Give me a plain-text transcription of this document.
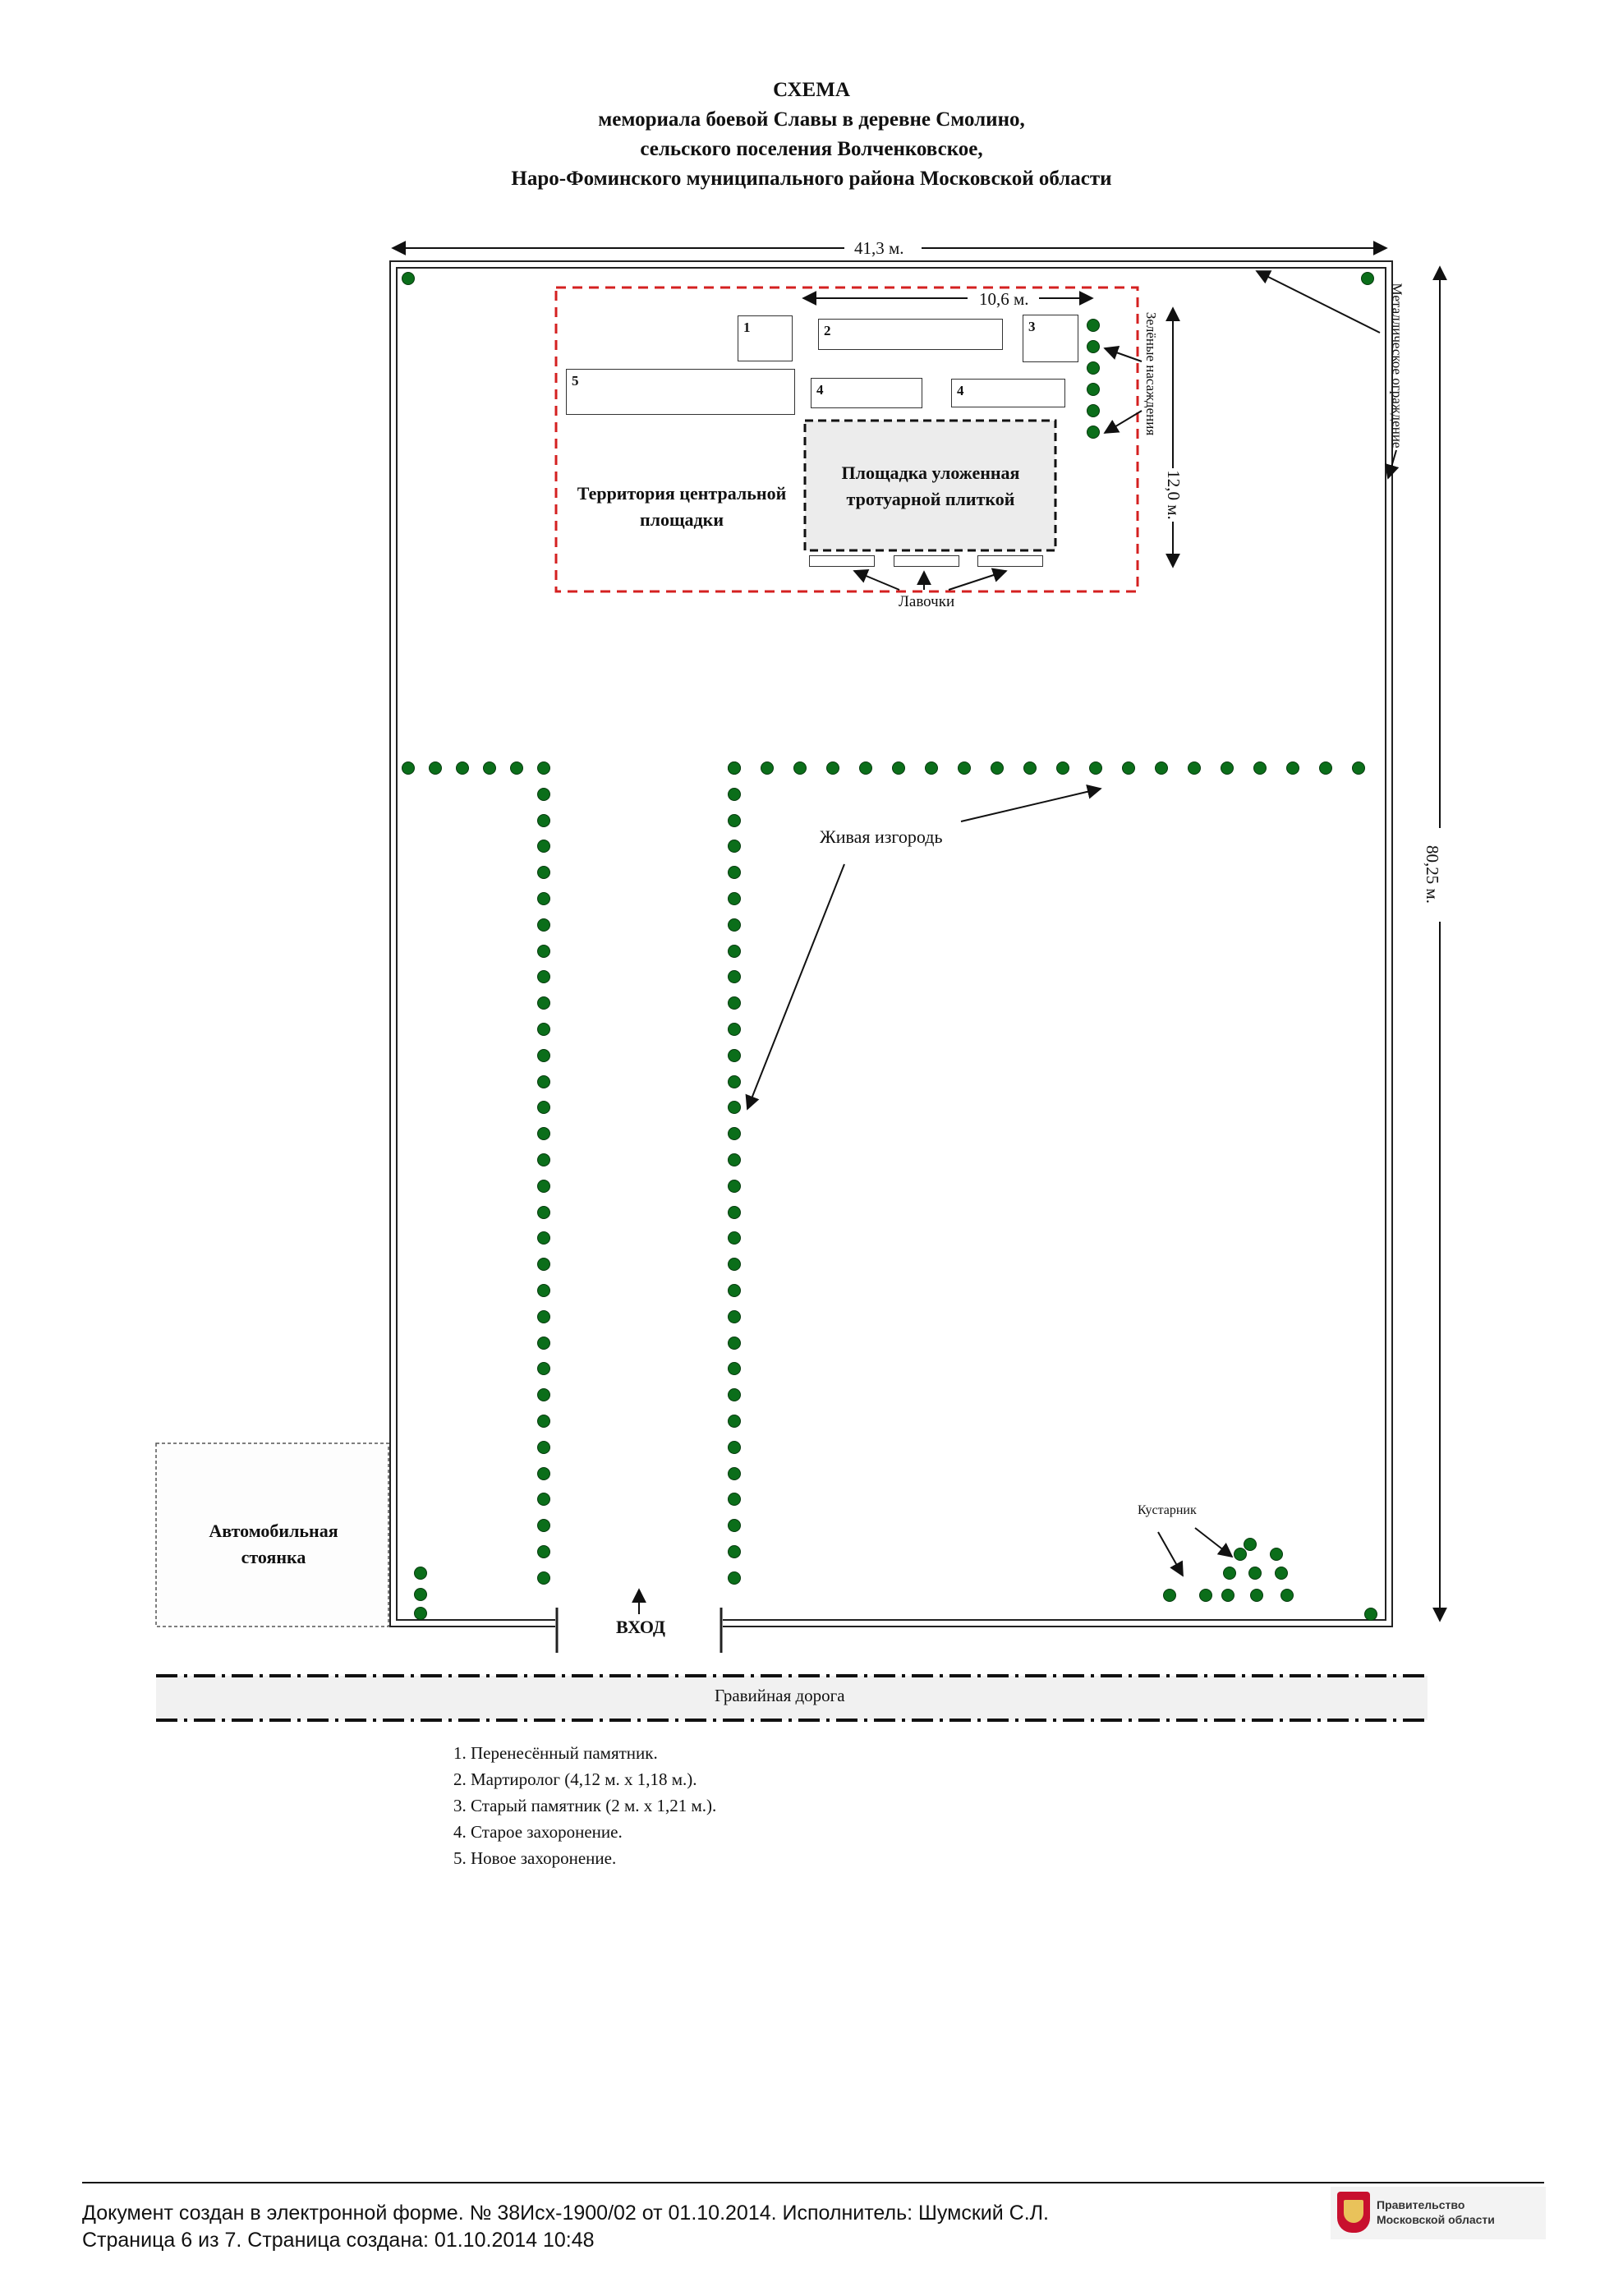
СХЕМА
мемориала боевой Славы в деревне Смолино,
сельского поселения Волченковское,
Наро-Фоминского муниципального района Московской области
41,3 м.
80,25 м.
10,6 м.
12,0 м.
Металлическое ограждение
Зелёные насаждения
1	2	3
4	4
5
Территория центральной площадки
Площадка уложенная тротуарной плиткой
Лавочки
Живая изгородь
Кустарник
Автомобильная стоянка
ВХОД
Гравийная дорога
1. Перенесённый памятник.
2. Мартиролог (4,12 м. х 1,18 м.).
3. Старый памятник (2 м. х 1,21 м.).
4. Старое захоронение.
5. Новое захоронение.
Документ создан в электронной форме. № 38Исх-1900/02 от 01.10.2014. Исполнитель: Шумский С.Л.
Страница 6 из 7. Страница создана: 01.10.2014 10:48
Правительство
Московской области
